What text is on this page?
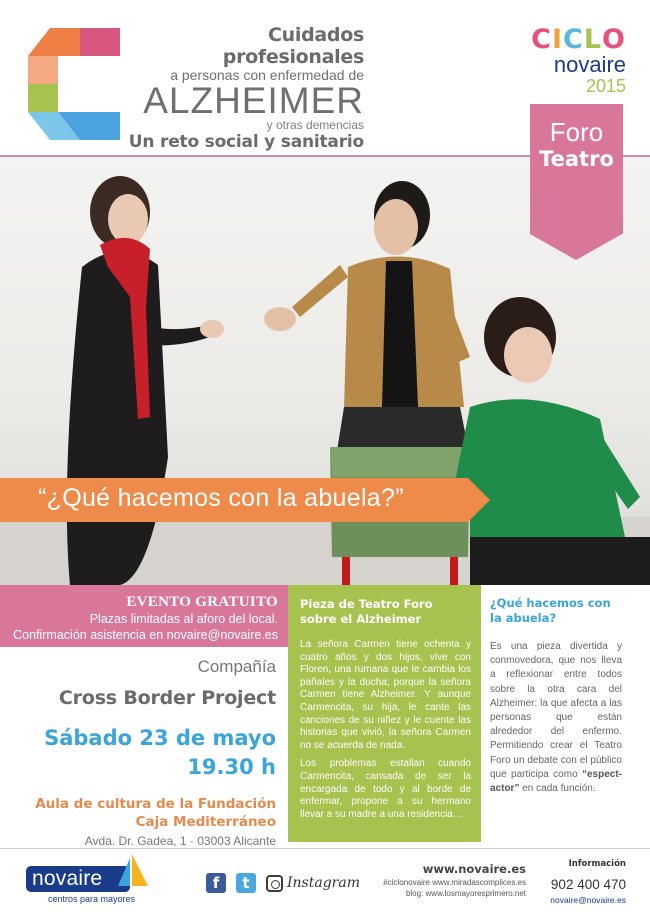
Cuidados profesionales
a personas con enfermedad de
ALZHEIMER
y otras demencias
Un reto social y sanitario
CICLO
novaire
2015
“¿Qué hacemos con la abuela?”
Foro
Teatro
EVENTO GRATUITO
Plazas limitadas al aforo del local.
Confirmación asistencia en novaire@novaire.es
Compañía
Cross Border Project
Sábado 23 de mayo
19.30 h
Aula de cultura de la Fundación
Caja Mediterráneo
Avda. Dr. Gadea, 1 · 03003 Alicante
Pieza de Teatro Foro sobre el Alzheimer

La señora Carmen tiene ochenta y cuatro años y dos hijos, vive con Floren, una rumana que le cambia los pañales y la ducha; porque la señora Carmen tiene Alzheimer. Y aunque Carmencita, su hija, le cante las canciones de su niñez y le cuente las historias que vivió, la señora Carmen no se acuerda de nada.

Los problemas estallan cuando Carmencita, cansada de ser la encargada de todo y al borde de enfermar, propone a su hermano llevar a su madre a una residencia…

¿Qué hacemos con la abuela?

Es una pieza divertida y conmovedora, que nos lleva a reflexionar entre todos sobre la otra cara del Alzheimer: la que afecta a las personas que están alrededor del enfermo. Permitiendo crear el Teatro Foro un debate con el público que participa como “espect-actor” en cada función.

novaire
centros para mayores
f	t	Instagram
www.novaire.es
#ciclonovaire www.miradascomplices.es
blog: www.losmayoresprimero.net
Información
902 400 470
novaire@novaire.es
